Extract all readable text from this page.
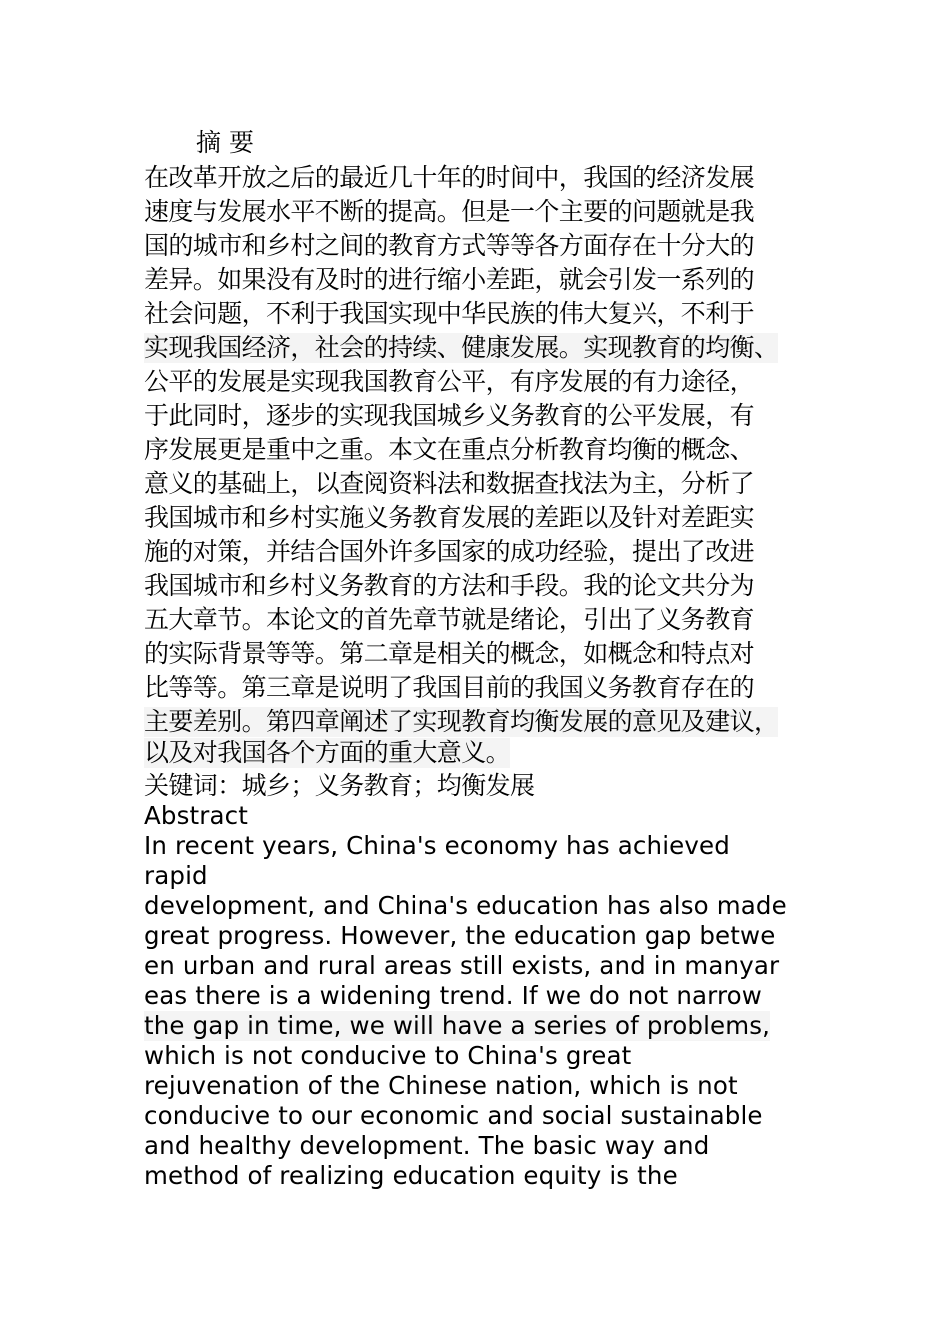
摘 要
在改革开放之后的最近几十年的时间中，我国的经济发展
速度与发展水平不断的提高。但是一个主要的问题就是我
国的城市和乡村之间的教育方式等等各方面存在十分大的
差异。如果没有及时的进行缩小差距，就会引发一系列的
社会问题，不利于我国实现中华民族的伟大复兴，不利于
实现我国经济，社会的持续、健康发展。实现教育的均衡、
公平的发展是实现我国教育公平，有序发展的有力途径，
于此同时，逐步的实现我国城乡义务教育的公平发展，有
序发展更是重中之重。本文在重点分析教育均衡的概念、
意义的基础上，以查阅资料法和数据查找法为主，分析了
我国城市和乡村实施义务教育发展的差距以及针对差距实
施的对策，并结合国外许多国家的成功经验，提出了改进
我国城市和乡村义务教育的方法和手段。我的论文共分为
五大章节。本论文的首先章节就是绪论，引出了义务教育
的实际背景等等。第二章是相关的概念，如概念和特点对
比等等。第三章是说明了我国目前的我国义务教育存在的
主要差别。第四章阐述了实现教育均衡发展的意见及建议，
以及对我国各个方面的重大意义。
关键词：城乡；义务教育；均衡发展
Abstract
In recent years, China's economy has achieved
rapid
development, and China's education has also made
great progress. However, the education gap betwe
en urban and rural areas still exists, and in manyar
eas there is a widening trend. If we do not narrow
the gap in time, we will have a series of problems,
which is not conducive to China's great
rejuvenation of the Chinese nation, which is not
conducive to our economic and social sustainable
and healthy development. The basic way and
method of realizing education equity is the
